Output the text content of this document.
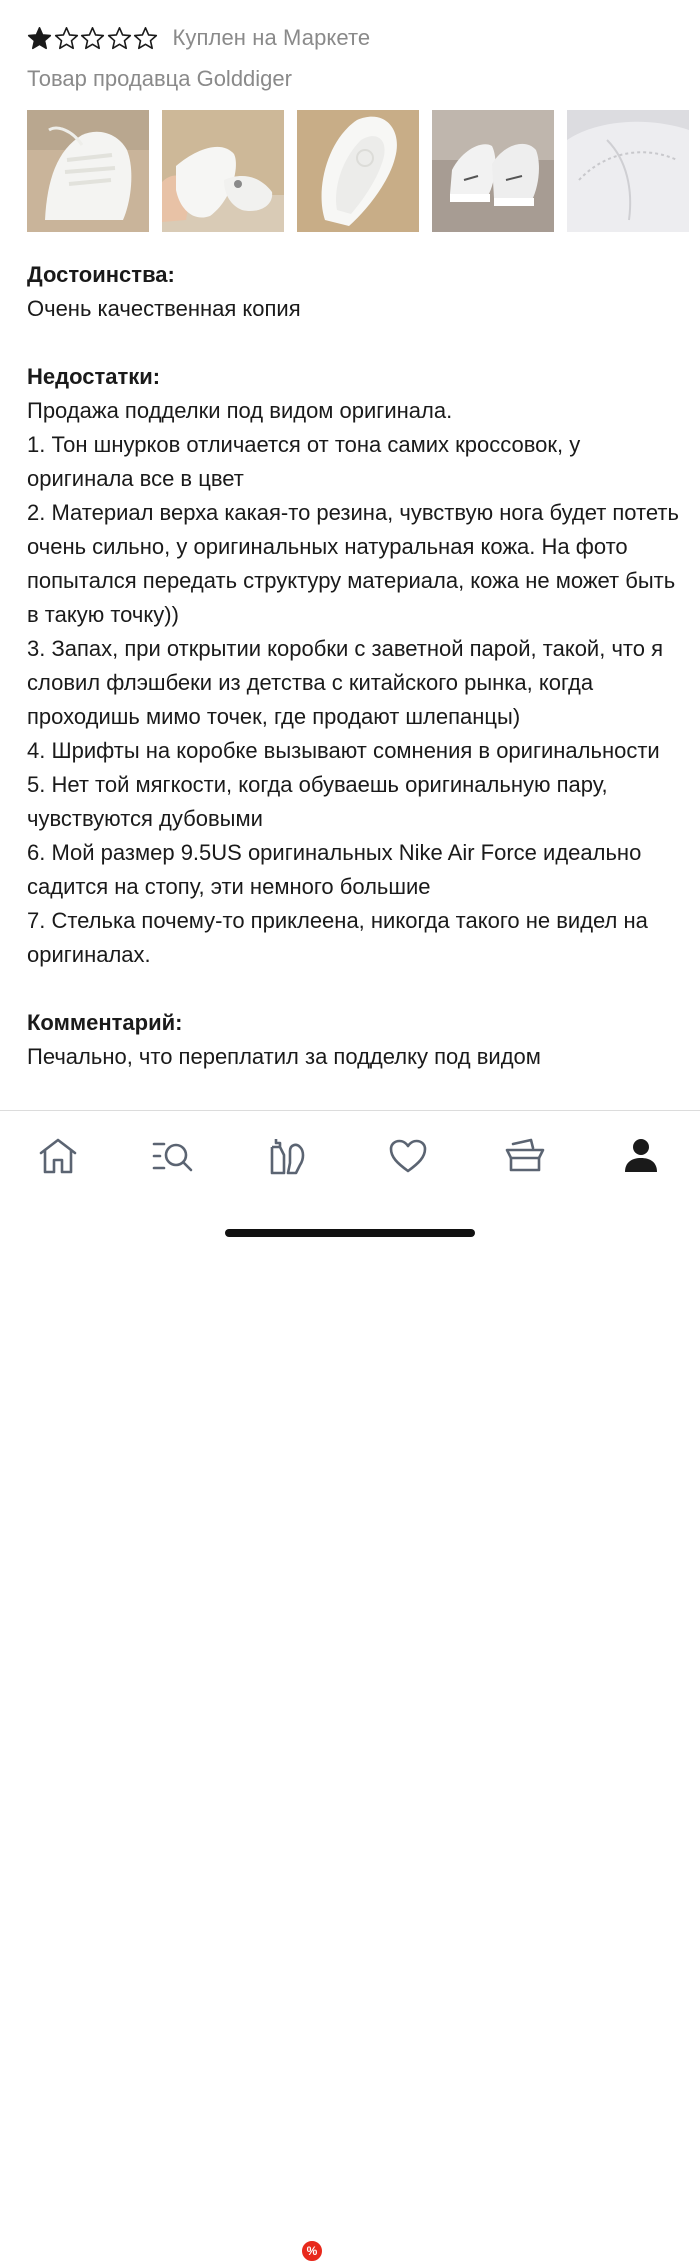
Куплен на Маркете
Товар продавца Golddiger
Достоинства:
Очень качественная копия
Недостатки:
Продажа подделки под видом оригинала.
1. Тон шнурков отличается от тона самих кроссовок, у оригинала все в цвет
2. Материал верха какая-то резина, чувствую нога будет потеть очень сильно, у оригинальных натуральная кожа. На фото попытался передать структуру материала, кожа не может быть в такую точку))
3. Запах, при открытии коробки с заветной парой, такой, что я словил флэшбеки из детства с китайского рынка, когда проходишь мимо точек, где продают шлепанцы)
4. Шрифты на коробке вызывают сомнения в оригинальности
5. Нет той мягкости, когда обуваешь оригинальную пару, чувствуются дубовыми
6. Мой размер 9.5US оригинальных Nike Air Force идеально садится на стопу, эти немного большие
7. Стелька почему-то приклеена, никогда такого не видел на оригиналах.
Комментарий:
Печально, что переплатил за подделку под видом
%
